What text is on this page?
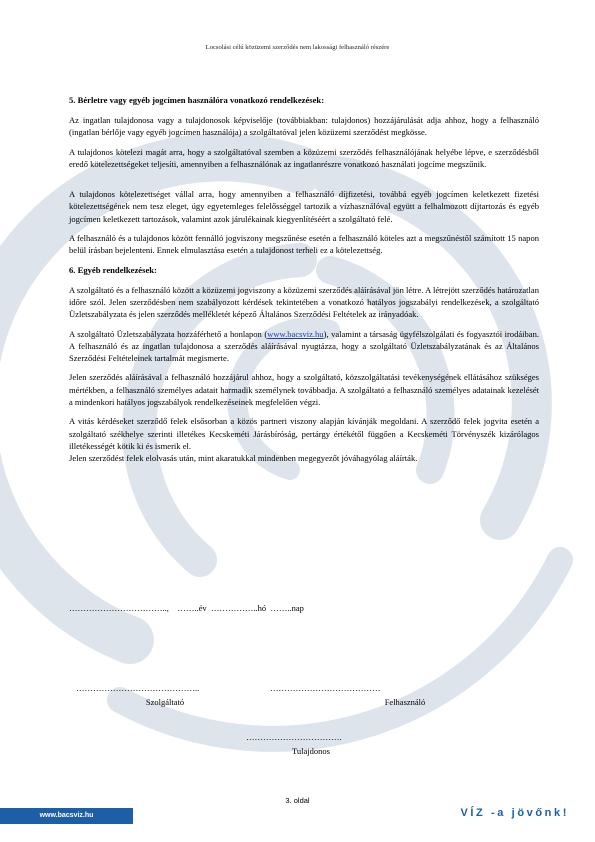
Locsolási célú közüzemi szerződés nem lakossági felhasználó részére
5. Bérletre vagy egyéb jogcímen használóra vonatkozó rendelkezések:

Az ingatlan tulajdonosa vagy a tulajdonosok képviselője (továbbiakban: tulajdonos) hozzájárulását adja ahhoz, hogy a felhasználó (ingatlan bérlője vagy egyéb jogcímen használója) a szolgáltatóval jelen közüzemi szerződést megkösse.

A tulajdonos kötelezi magát arra, hogy a szolgáltatóval szemben a közüzemi szerződés felhasználójának helyébe lépve, e szerződésből eredő kötelezettségeket teljesíti, amennyiben a felhasználónak az ingatlanrészre vonatkozó használati jogcíme megszűnik.

A tulajdonos kötelezettséget vállal arra, hogy amennyiben a felhasználó díjfizetési, továbbá egyéb jogcímen keletkezett fizetési kötelezettségének nem tesz eleget, úgy egyetemleges felelősséggel tartozik a vízhasználóval együtt a felhalmozott díjtartozás és egyéb jogcímen keletkezett tartozások, valamint azok járulékainak kiegyenlítéséért a szolgáltató felé.

A felhasználó és a tulajdonos között fennálló jogviszony megszűnése esetén a felhasználó köteles azt a megszűnéstől számított 15 napon belül írásban bejelenteni. Ennek elmulasztása esetén a tulajdonost terheli ez a kötelezettség.

6. Egyéb rendelkezések:

A szolgáltató és a felhasználó között a közüzemi jogviszony a közüzemi szerződés aláírásával jön létre. A létrejött szerződés határozatlan időre szól. Jelen szerződésben nem szabályozott kérdések tekintetében a vonatkozó hatályos jogszabályi rendelkezések, a szolgáltató Üzletszabályzata és jelen szerződés mellékletét képező Általános Szerződési Feltételek az irányadóak.

A szolgáltató Üzletszabályzata hozzáférhető a honlapon (www.bacsviz.hu), valamint a társaság ügyfélszolgálati és fogyasztói irodáiban. A felhasználó és az ingatlan tulajdonosa a szerződés aláírásával nyugtázza, hogy a szolgáltató Üzletszabályzatának és az Általános Szerződési Feltételeinek tartalmát megismerte.

Jelen szerződés aláírásával a felhasználó hozzájárul ahhoz, hogy a szolgáltató, közszolgáltatási tevékenységének ellátásához szükséges mértékben, a felhasználó személyes adatait harmadik személynek továbbadja. A szolgáltató a felhasználó személyes adatainak kezelését a mindenkori hatályos jogszabályok rendelkezéseinek megfelelően végzi.

A vitás kérdéseket szerződő felek elsősorban a közös partneri viszony alapján kívánják megoldani. A szerződő felek jogvita esetén a szolgáltató székhelye szerinti illetékes Kecskeméti Járásbíróság, pertárgy értékétől függően a Kecskeméti Törvényszék kizárólagos illetékességét kötik ki és ismerik el.

Jelen szerződést felek elolvasás után, mint akaratukkal mindenben megegyezőt jóváhagyólag aláírták.

……………………………..,    ……..év  ……………..hó  ……..nap
……………………………………..
Szolgáltató
…………………………………
Felhasználó
…………………………….
Tulajdonos
3. oldal
www.bacsviz.hu	VÍZ -a jövőnk!
